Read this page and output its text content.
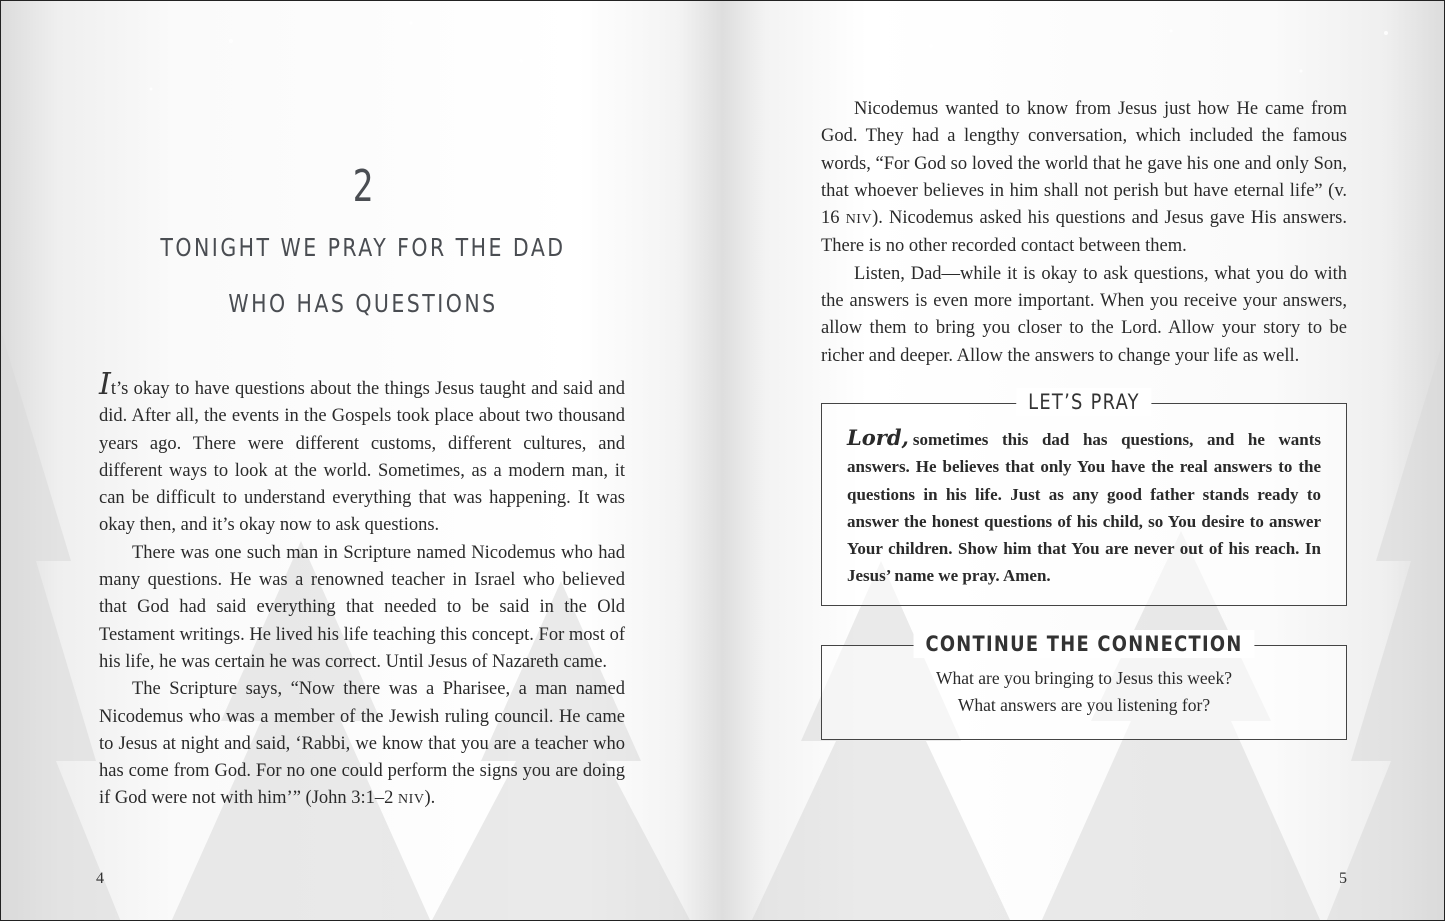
2
TONIGHT WE PRAY FOR THE DAD
WHO HAS QUESTIONS
4

It’s okay to have questions about the things Jesus taught and said and did. After all, the events in the Gospels took place about two thousand years ago. There were different customs, different cultures, and different ways to look at the world. Sometimes, as a modern man, it can be difficult to understand everything that was happening. It was okay then, and it’s okay now to ask questions.

There was one such man in Scripture named Nicodemus who had many questions. He was a renowned teacher in Israel who believed that God had said everything that needed to be said in the Old Testament writings. He lived his life teaching this concept. For most of his life, he was certain he was correct. Until Jesus of Nazareth came.

The Scripture says, “Now there was a Pharisee, a man named Nicodemus who was a member of the Jewish ruling council. He came to Jesus at night and said, ‘Rabbi, we know that you are a teacher who has come from God. For no one could perform the signs you are doing if God were not with him’” (John 3:1–2 NIV).

Nicodemus wanted to know from Jesus just how He came from God. They had a lengthy conversation, which included the famous words, “For God so loved the world that he gave his one and only Son, that whoever believes in him shall not perish but have eternal life” (v. 16 NIV). Nicodemus asked his questions and Jesus gave His answers. There is no other recorded contact between them.

Listen, Dad—while it is okay to ask questions, what you do with the answers is even more important. When you receive your answers, allow them to bring you closer to the Lord. Allow your story to be richer and deeper. Allow the answers to change your life as well.

LET’S PRAY
Lord, sometimes this dad has questions, and he wants answers. He believes that only You have the real answers to the questions in his life. Just as any good father stands ready to answer the honest questions of his child, so You desire to answer Your children. Show him that You are never out of his reach. In Jesus’ name we pray. Amen.
CONTINUE THE CONNECTION
What are you bringing to Jesus this week?
What answers are you listening for?
5
